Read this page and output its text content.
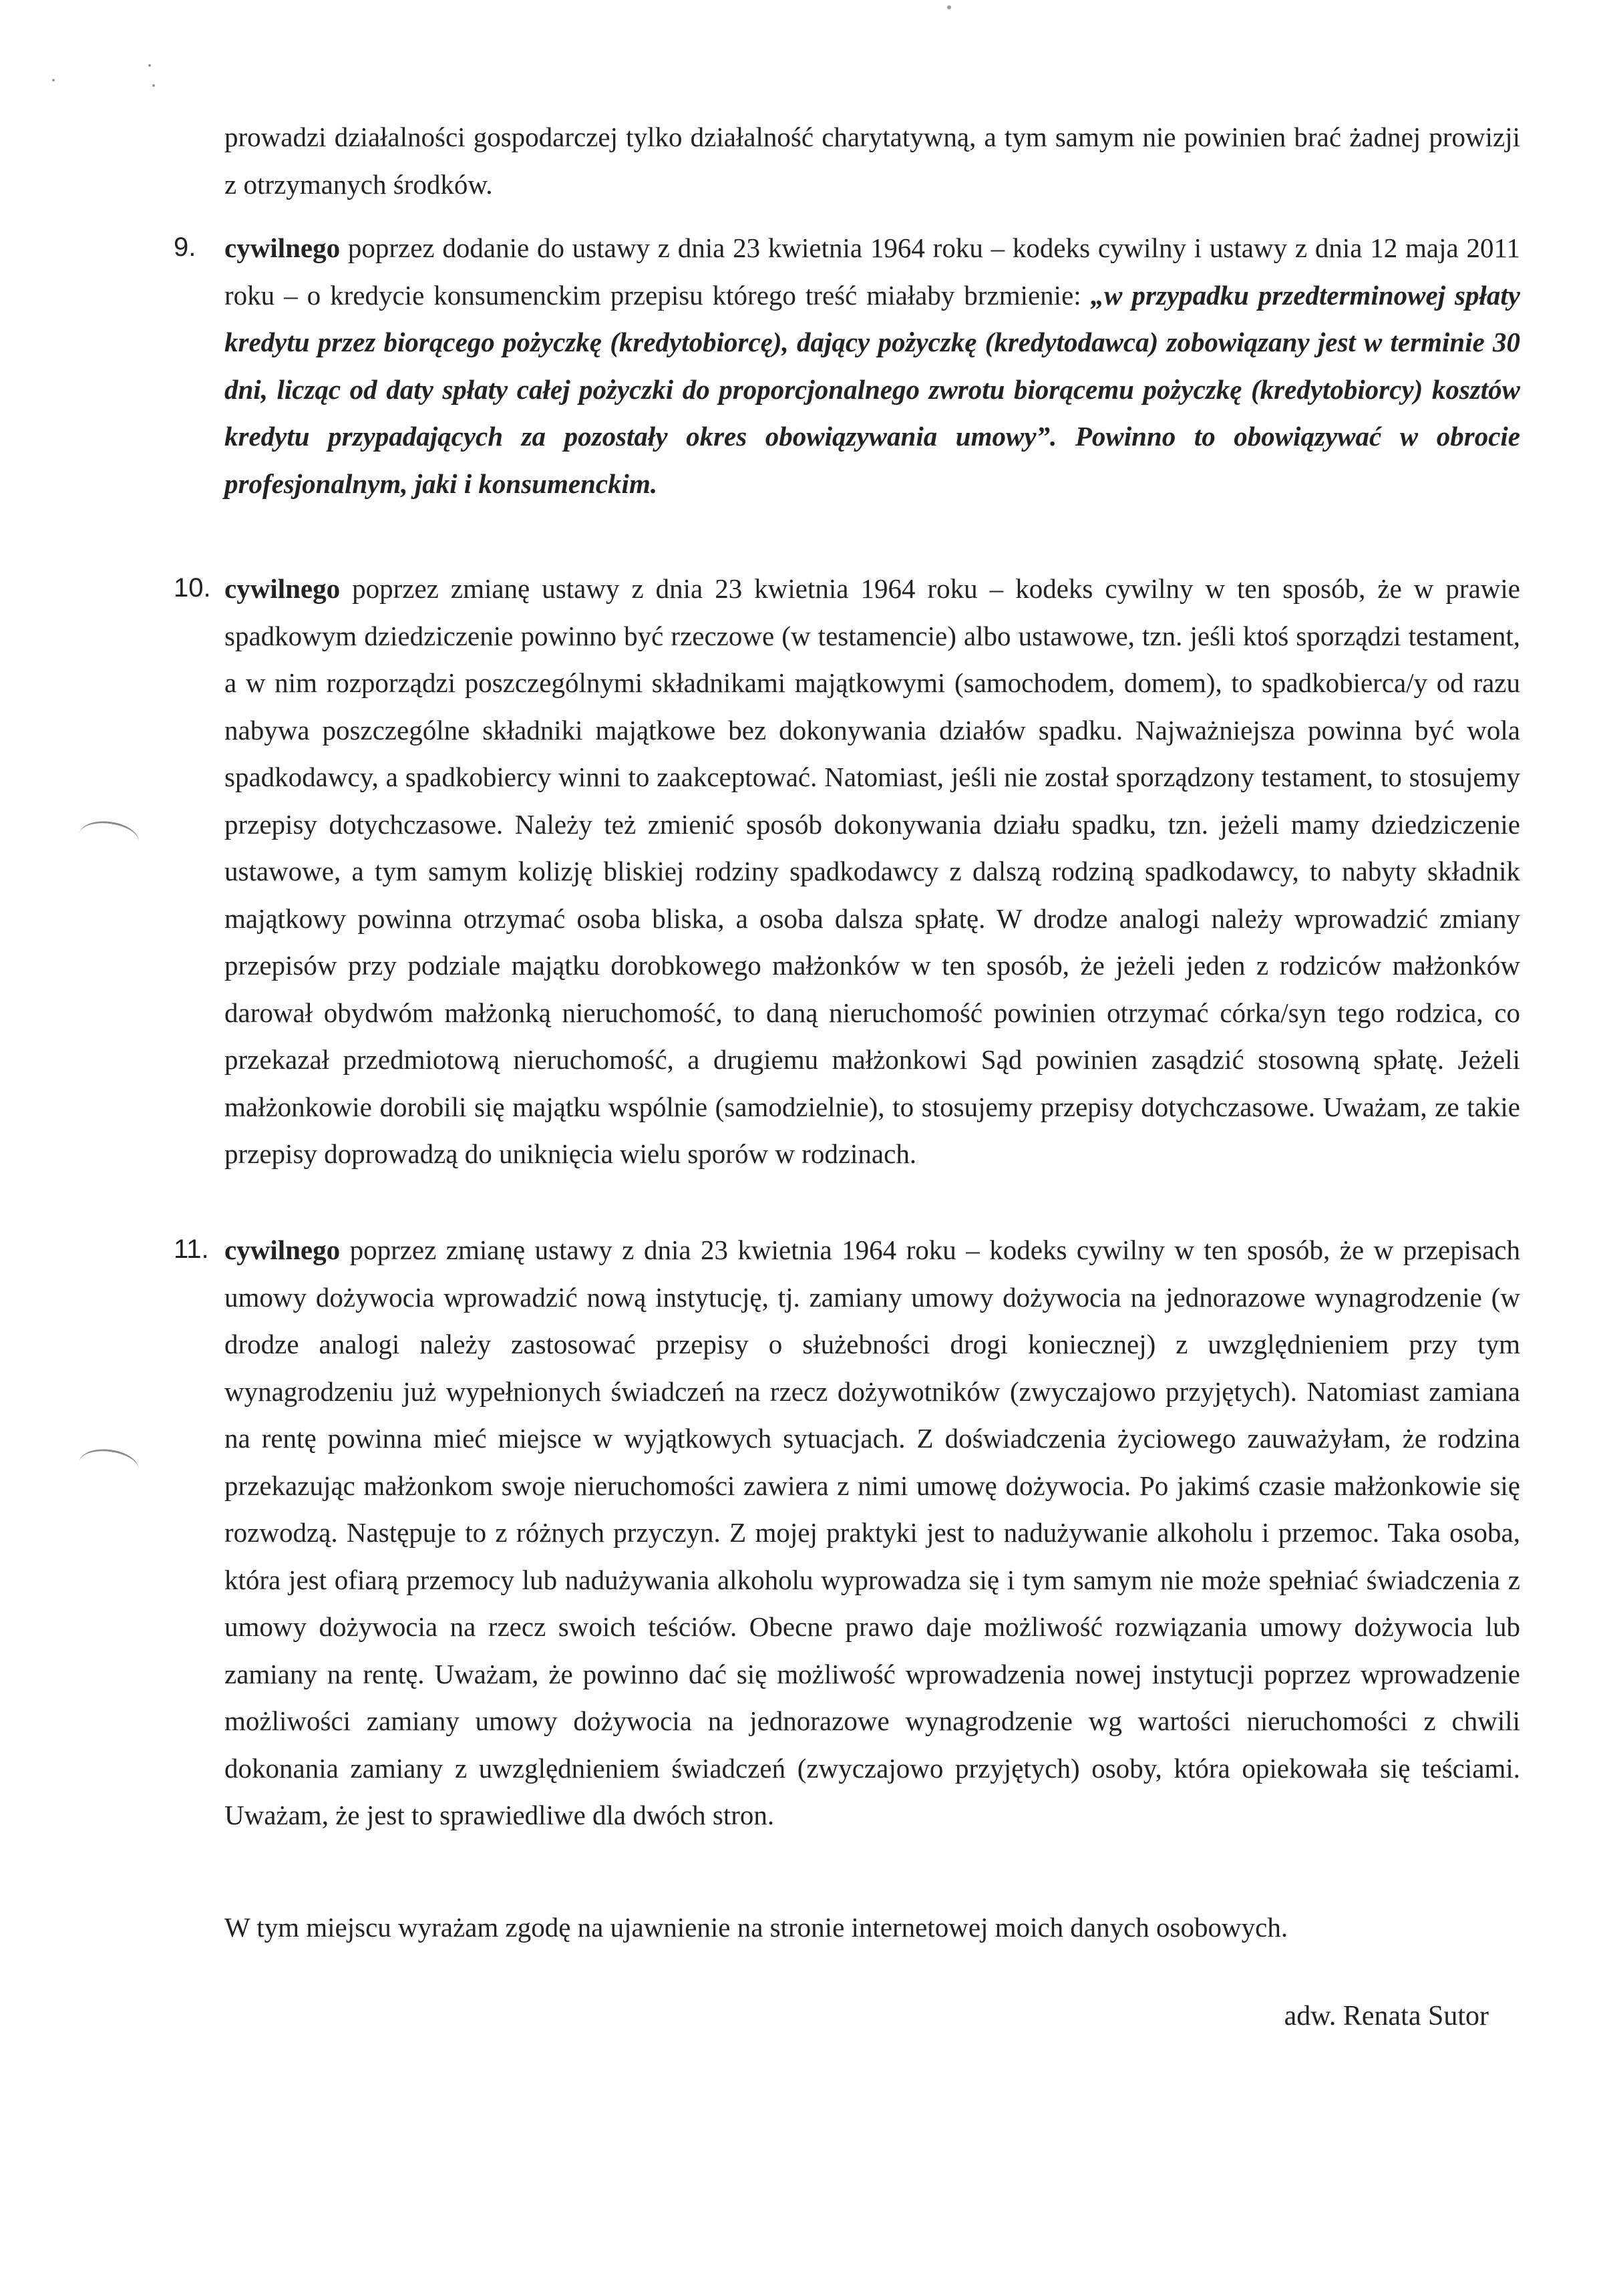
prowadzi działalności gospodarczej tylko działalność charytatywną, a tym samym nie powinien brać żadnej prowizji z otrzymanych środków.
9.	cywilnego poprzez dodanie do ustawy z dnia 23 kwietnia 1964 roku – kodeks cywilny i ustawy z dnia 12 maja 2011 roku – o kredycie konsumenckim przepisu którego treść miałaby brzmienie: „w przypadku przedterminowej spłaty kredytu przez biorącego pożyczkę (kredytobiorcę), dający pożyczkę (kredytodawca) zobowiązany jest w terminie 30 dni, licząc od daty spłaty całej pożyczki do proporcjonalnego zwrotu biorącemu pożyczkę (kredytobiorcy) kosztów kredytu przypadających za pozostały okres obowiązywania umowy”. Powinno to obowiązywać w obrocie profesjonalnym, jaki i konsumenckim.
10. cywilnego poprzez zmianę ustawy z dnia 23 kwietnia 1964 roku – kodeks cywilny w ten sposób, że w prawie spadkowym dziedziczenie powinno być rzeczowe (w testamencie) albo ustawowe, tzn. jeśli ktoś sporządzi testament, a w nim rozporządzi poszczególnymi składnikami majątkowymi (samochodem, domem), to spadkobierca/y od razu nabywa poszczególne składniki majątkowe bez dokonywania działów spadku. Najważniejsza powinna być wola spadkodawcy, a spadkobiercy winni to zaakceptować. Natomiast, jeśli nie został sporządzony testament, to stosujemy przepisy dotychczasowe. Należy też zmienić sposób dokonywania działu spadku, tzn. jeżeli mamy dziedziczenie ustawowe, a tym samym kolizję bliskiej rodziny spadkodawcy z dalszą rodziną spadkodawcy, to nabyty składnik majątkowy powinna otrzymać osoba bliska, a osoba dalsza spłatę. W drodze analogi należy wprowadzić zmiany przepisów przy podziale majątku dorobkowego małżonków w ten sposób, że jeżeli jeden z rodziców małżonków darował obydwóm małżonką nieruchomość, to daną nieruchomość powinien otrzymać córka/syn tego rodzica, co przekazał przedmiotową nieruchomość, a drugiemu małżonkowi Sąd powinien zasądzić stosowną spłatę. Jeżeli małżonkowie dorobili się majątku wspólnie (samodzielnie), to stosujemy przepisy dotychczasowe. Uważam, ze takie przepisy doprowadzą do uniknięcia wielu sporów w rodzinach.
11. cywilnego poprzez zmianę ustawy z dnia 23 kwietnia 1964 roku – kodeks cywilny w ten sposób, że w przepisach umowy dożywocia wprowadzić nową instytucję, tj. zamiany umowy dożywocia na jednorazowe wynagrodzenie (w drodze analogi należy zastosować przepisy o służebności drogi koniecznej) z uwzględnieniem przy tym wynagrodzeniu już wypełnionych świadczeń na rzecz dożywotników (zwyczajowo przyjętych). Natomiast zamiana na rentę powinna mieć miejsce w wyjątkowych sytuacjach. Z doświadczenia życiowego zauważyłam, że rodzina przekazując małżonkom swoje nieruchomości zawiera z nimi umowę dożywocia. Po jakimś czasie małżonkowie się rozwodzą. Następuje to z różnych przyczyn. Z mojej praktyki jest to nadużywanie alkoholu i przemoc. Taka osoba, która jest ofiarą przemocy lub nadużywania alkoholu wyprowadza się i tym samym nie może spełniać świadczenia z umowy dożywocia na rzecz swoich teściów. Obecne prawo daje możliwość rozwiązania umowy dożywocia lub zamiany na rentę. Uważam, że powinno dać się możliwość wprowadzenia nowej instytucji poprzez wprowadzenie możliwości zamiany umowy dożywocia na jednorazowe wynagrodzenie wg wartości nieruchomości z chwili dokonania zamiany z uwzględnieniem świadczeń (zwyczajowo przyjętych) osoby, która opiekowała się teściami. Uważam, że jest to sprawiedliwe dla dwóch stron.
W tym miejscu wyrażam zgodę na ujawnienie na stronie internetowej moich danych osobowych.
adw. Renata Sutor
